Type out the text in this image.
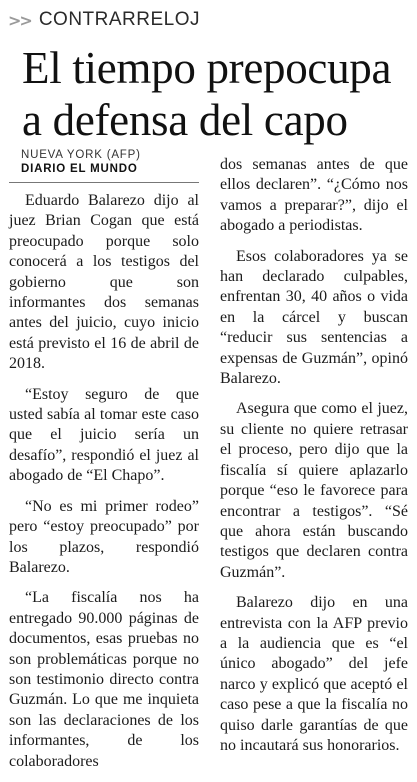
>> CONTRARRELOJ
El tiempo prepocupa a defensa del capo
NUEVA YORK (AFP)
DIARIO EL MUNDO

Eduardo Balarezo dijo al juez Brian Cogan que está preocupado porque solo conocerá a los testigos del gobierno que son informantes dos semanas antes del juicio, cuyo inicio está previsto el 16 de abril de 2018.

“Estoy seguro de que usted sabía al tomar este caso que el juicio sería un desafío”, respondió el juez al abogado de “El Chapo”.

“No es mi primer rodeo” pero “estoy preocupado” por los plazos, respondió Balarezo.

“La fiscalía nos ha entregado 90.000 páginas de documentos, esas pruebas no son problemáticas porque no son testimonio directo contra Guzmán. Lo que me inquieta son las declaraciones de los informantes, de los colaboradores

dos semanas antes de que ellos declaren”. “¿Cómo nos vamos a preparar?”, dijo el abogado a periodistas.

Esos colaboradores ya se han declarado culpables, enfrentan 30, 40 años o vida en la cárcel y buscan “reducir sus sentencias a expensas de Guzmán”, opinó Balarezo.

Asegura que como el juez, su cliente no quiere retrasar el proceso, pero dijo que la fiscalía sí quiere aplazarlo porque “eso le favorece para encontrar a testigos”. “Sé que ahora están buscando testigos que declaren contra Guzmán”.

Balarezo dijo en una entrevista con la AFP previo a la audiencia que es “el único abogado” del jefe narco y explicó que aceptó el caso pese a que la fiscalía no quiso darle garantías de que no incautará sus honorarios.
